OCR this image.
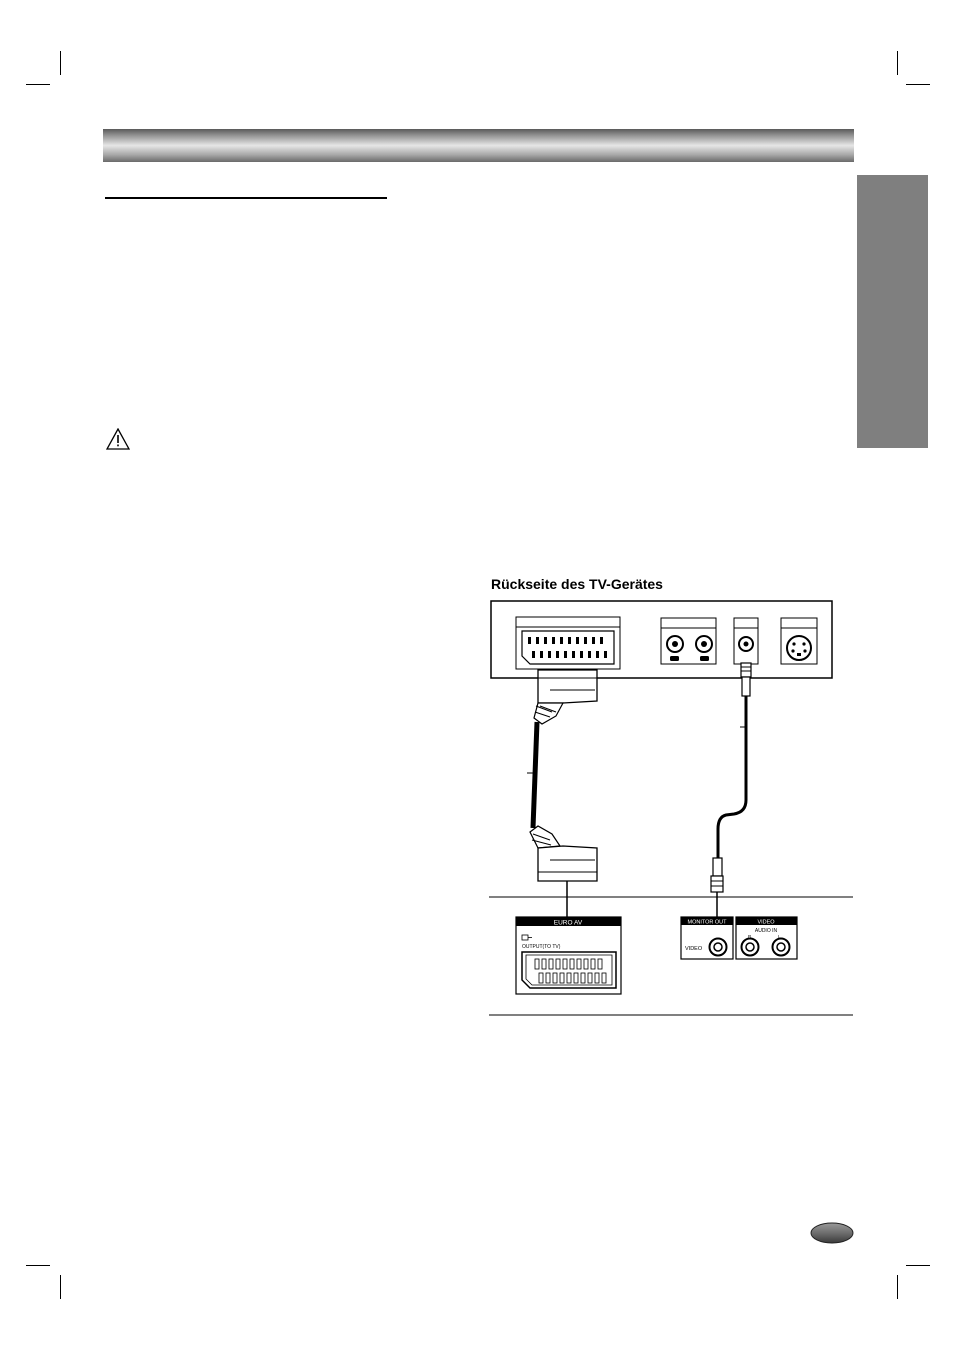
Rückseite des TV-Gerätes
EURO AV
OUTPUT(TO TV)
MONITOR OUT
VIDEO
VIDEO
AUDIO IN
R	L
